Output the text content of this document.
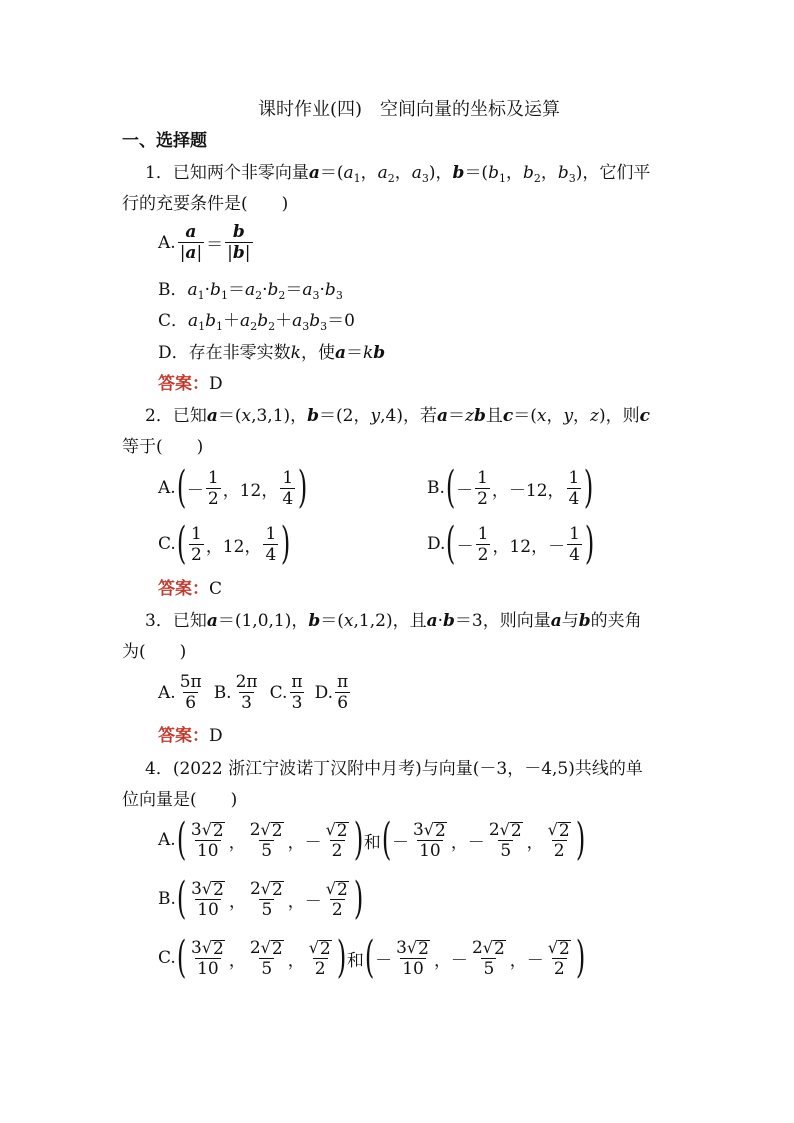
课时作业(四)　空间向量的坐标及运算
一、选择题
1．已知两个非零向量$a=(a_1$，$a_2$，$a_3$)，$b=(b_1$，$b_2$，$b_3$)，它们平
行的充要条件是(　　)
A. $\frac{a}{|a|} = \frac{b}{|b|}$
B．$a_1\cdot b_1=a_2\cdot b_2=a_3\cdot b_3$
C．$a_1b_1+a_2b_2+a_3b_3=0$
D．存在非零实数k，使a＝kb
答案：D
2．已知a＝(x,3,1)，b＝(2，y,4)，若a＝zb且c＝(x，y，z)，则c
等于(　　)
A. ( － $\frac{1}{2}$ ，12， $\frac{1}{4}$ )	B. ( － $\frac{1}{2}$ ，－12， $\frac{1}{4}$ )
C. ( $\frac{1}{2}$ ，12， $\frac{1}{4}$ )	D. ( － $\frac{1}{2}$ ，12，－ $\frac{1}{4}$ )
答案：C
3．已知a＝(1,0,1)，b＝(x,1,2)，且a·b＝3，则向量a与b的夹角
为(　　)
A. $\frac{5\pi}{6} B$. $\frac{2\pi}{3} C$. $\frac{\pi}{3} D$. $\frac{\pi}{6}$
答案：D
4．(2022 浙江宁波诺丁汉附中月考)与向量(－3，－4,5)共线的单
位向量是(　　)
A. ( $\frac{3 √ 2}{10}$ ， $\frac{2 √ 2}{5}$ ，－ $\frac{√ 2}{2}$ ) 和 ( － $\frac{3 √ 2}{10}$ ，－ $\frac{2 √ 2}{5}$ ， $\frac{√ 2}{2}$ )
B. ( $\frac{3 √ 2}{10}$ ， $\frac{2 √ 2}{5}$ ，－ $\frac{√ 2}{2}$ )
C. ( $\frac{3 √ 2}{10}$ ， $\frac{2 √ 2}{5}$ ， $\frac{√ 2}{2}$ ) 和 ( － $\frac{3 √ 2}{10}$ ，－ $\frac{2 √ 2}{5}$ ，－ $\frac{√ 2}{2}$ )
